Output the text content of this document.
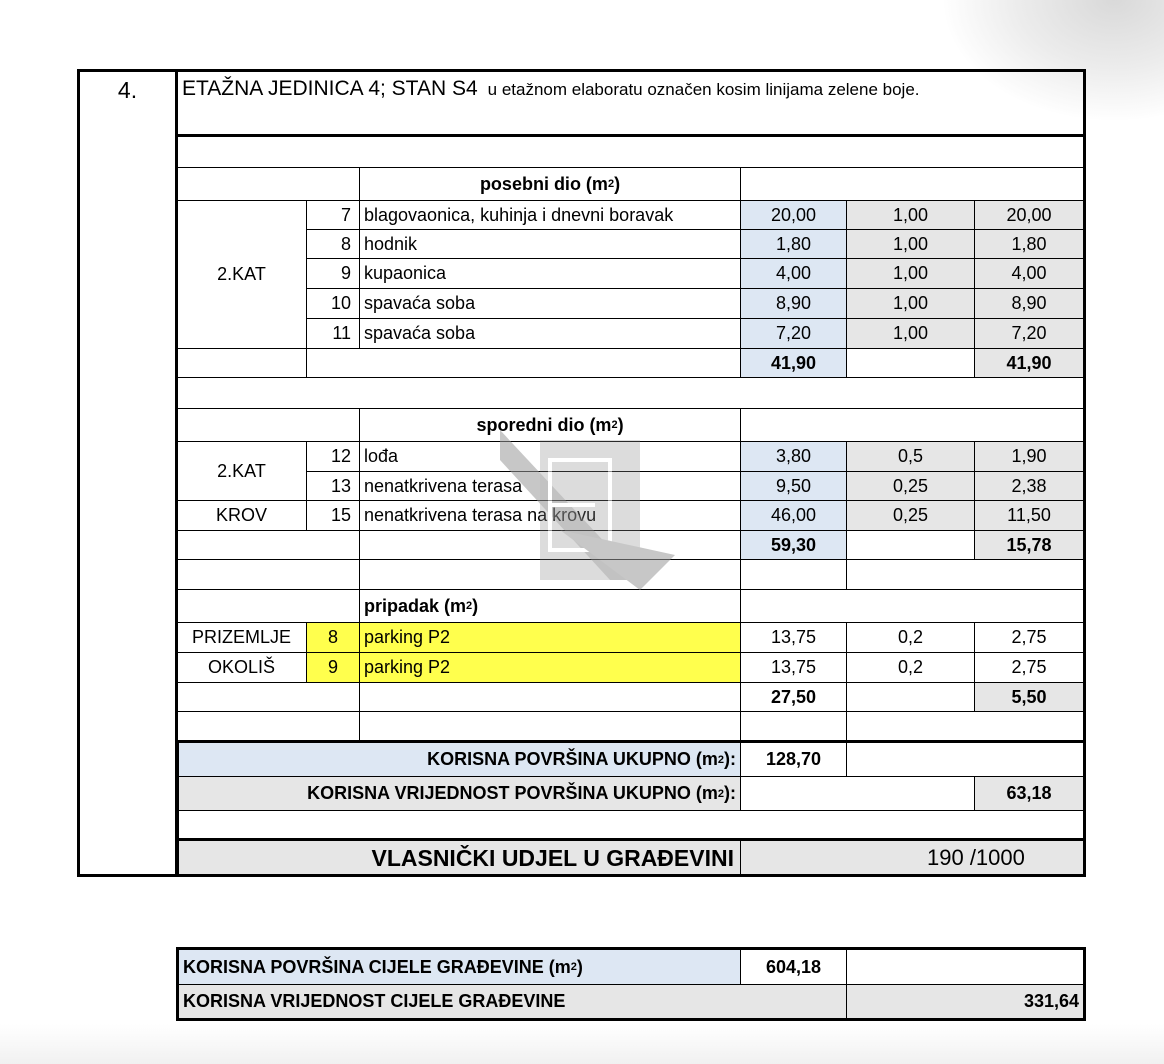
4.	ETAŽNA JEDINICA 4; STAN S4 u etažnom elaboratu označen kosim linijama zelene boje.
posebni dio (m 2 )
2.KAT
7 blagovaonica, kuhinja i dnevni boravak	20,00	1,00	20,00
8 hodnik	1,80	1,00	1,80
9 kupaonica	4,00	1,00	4,00
10 spavaća soba	8,90	1,00	8,90
11 spavaća soba	7,20	1,00	7,20
41,90	41,90
sporedni dio (m 2 )
2.KAT
12 lođa	3,80	0,5	1,90
13 nenatkrivena terasa	9,50	0,25	2,38
KROV	15 nenatkrivena terasa na krovu	46,00	0,25	11,50
59,30	15,78
pripadak (m 2 )
PRIZEMLJE	8	parking P2	13,75	0,2	2,75
OKOLIŠ	9	parking P2	13,75	0,2	2,75
27,50	5,50
KORISNA POVRŠINA UKUPNO (m 2 ):	128,70
KORISNA VRIJEDNOST POVRŠINA UKUPNO (m 2 ):	63,18
VLASNIČKI UDJEL U GRAĐEVINI	190 /1000
KORISNA POVRŠINA CIJELE GRAĐEVINE (m 2 )	604,18
KORISNA VRIJEDNOST CIJELE GRAĐEVINE	331,64
